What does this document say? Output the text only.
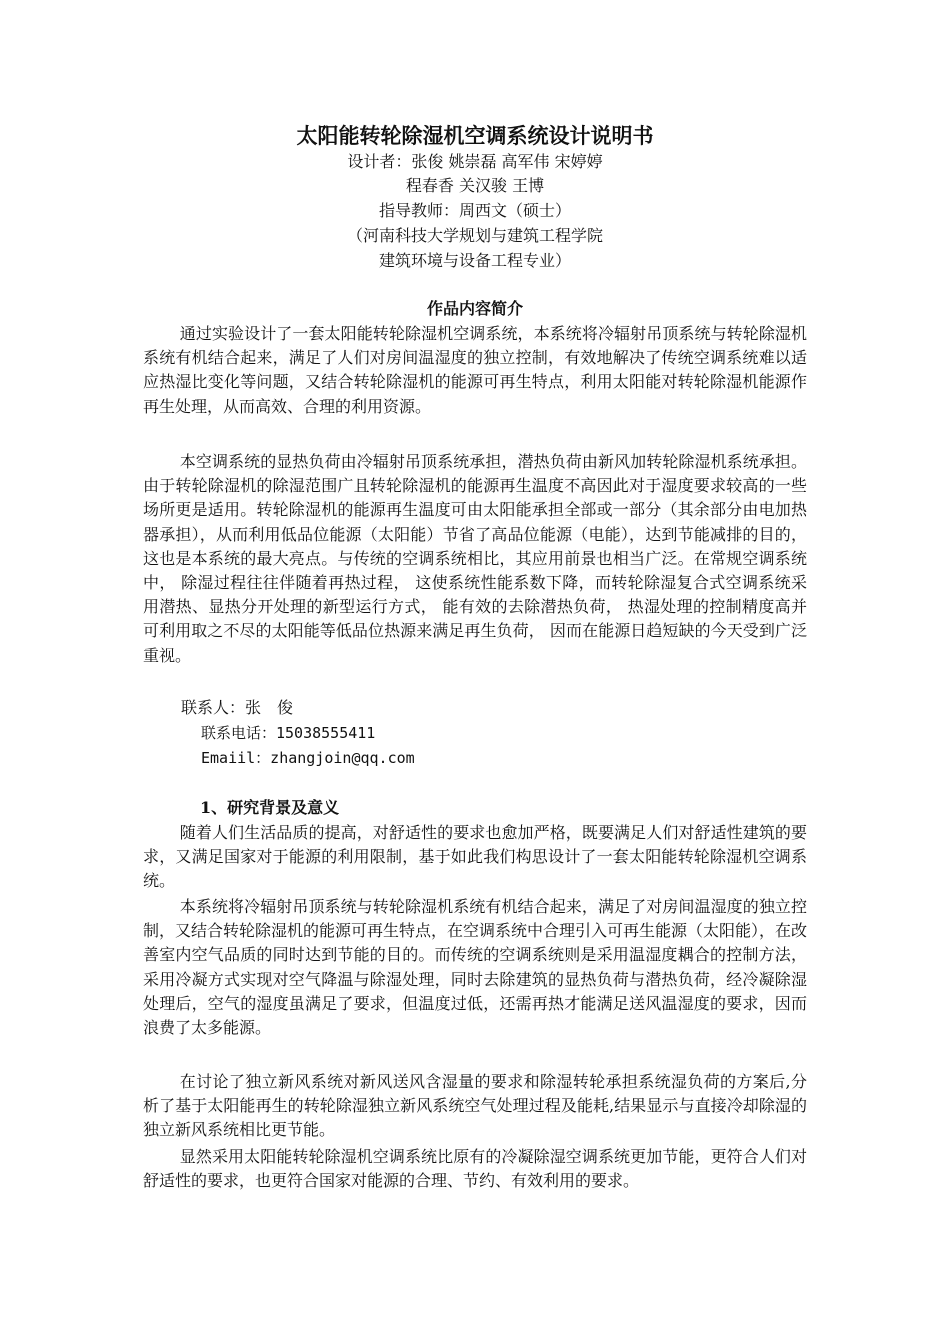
太阳能转轮除湿机空调系统设计说明书
设计者：张俊 姚崇磊 高军伟 宋婷婷
程春香 关汉骏 王博
指导教师：周西文（硕士）
（河南科技大学规划与建筑工程学院
建筑环境与设备工程专业）
作品内容简介

通过实验设计了一套太阳能转轮除湿机空调系统，本系统将冷辐射吊顶系统与转轮除湿机系统有机结合起来，满足了人们对房间温湿度的独立控制，有效地解决了传统空调系统难以适应热湿比变化等问题，又结合转轮除湿机的能源可再生特点，利用太阳能对转轮除湿机能源作再生处理，从而高效、合理的利用资源。

本空调系统的显热负荷由冷辐射吊顶系统承担，潜热负荷由新风加转轮除湿机系统承担。由于转轮除湿机的除湿范围广且转轮除湿机的能源再生温度不高因此对于湿度要求较高的一些场所更是适用。转轮除湿机的能源再生温度可由太阳能承担全部或一部分（其余部分由电加热器承担），从而利用低品位能源（太阳能）节省了高品位能源（电能），达到节能减排的目的，这也是本系统的最大亮点。与传统的空调系统相比，其应用前景也相当广泛。在常规空调系统中， 除湿过程往往伴随着再热过程， 这使系统性能系数下降，而转轮除湿复合式空调系统采用潜热、显热分开处理的新型运行方式， 能有效的去除潜热负荷， 热湿处理的控制精度高并可利用取之不尽的太阳能等低品位热源来满足再生负荷， 因而在能源日趋短缺的今天受到广泛重视。

联系人：张　俊
联系电话：15038555411
Emaiil：zhangjoin@qq.com
1、研究背景及意义

随着人们生活品质的提高，对舒适性的要求也愈加严格，既要满足人们对舒适性建筑的要求，又满足国家对于能源的利用限制，基于如此我们构思设计了一套太阳能转轮除湿机空调系统。

本系统将冷辐射吊顶系统与转轮除湿机系统有机结合起来，满足了对房间温湿度的独立控制，又结合转轮除湿机的能源可再生特点，在空调系统中合理引入可再生能源（太阳能），在改善室内空气品质的同时达到节能的目的。而传统的空调系统则是采用温湿度耦合的控制方法，采用冷凝方式实现对空气降温与除湿处理，同时去除建筑的显热负荷与潜热负荷，经冷凝除湿处理后，空气的湿度虽满足了要求，但温度过低，还需再热才能满足送风温湿度的要求，因而浪费了太多能源。

在讨论了独立新风系统对新风送风含湿量的要求和除湿转轮承担系统湿负荷的方案后,分析了基于太阳能再生的转轮除湿独立新风系统空气处理过程及能耗,结果显示与直接冷却除湿的独立新风系统相比更节能。

显然采用太阳能转轮除湿机空调系统比原有的冷凝除湿空调系统更加节能，更符合人们对舒适性的要求，也更符合国家对能源的合理、节约、有效利用的要求。
